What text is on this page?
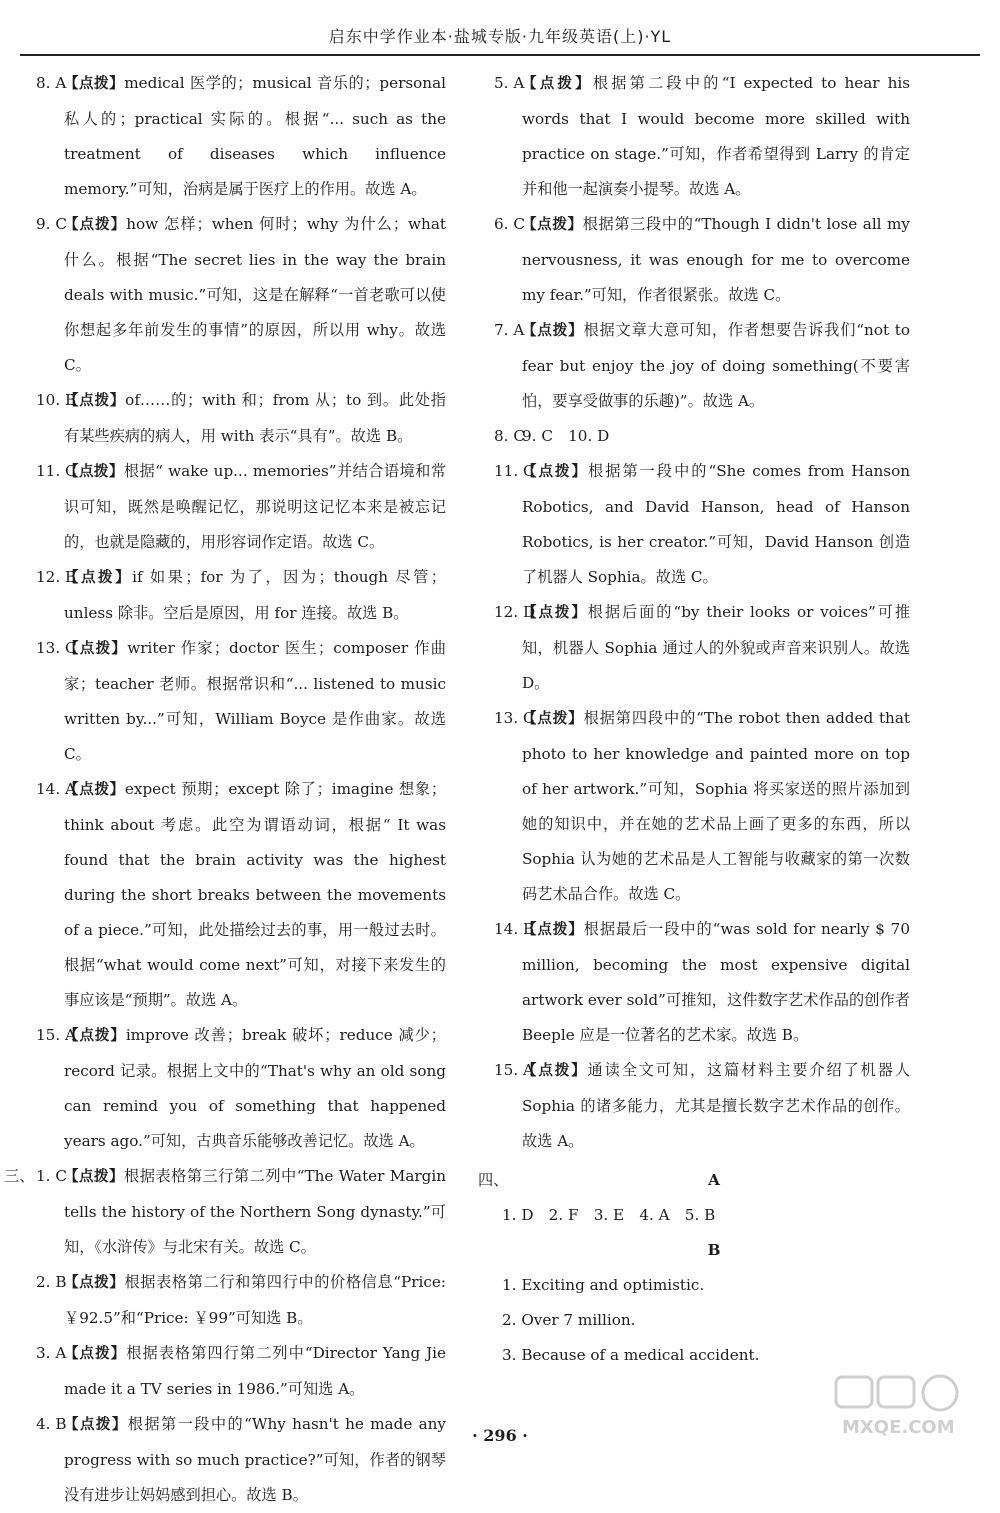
启东中学作业本·盐城专版·九年级英语(上)·YL
8. A
【点拨】medical 医学的；musical 音乐的；personal 私人的；practical 实际的。根据“... such as the treatment of diseases which influence memory.”可知，治病是属于医疗上的作用。故选 A。
9. C
【点拨】how 怎样；when 何时；why 为什么；what 什么。根据“The secret lies in the way the brain deals with music.”可知，这是在解释“一首老歌可以使你想起多年前发生的事情”的原因，所以用 why。故选 C。
10. B
【点拨】of……的；with 和；from 从；to 到。此处指有某些疾病的病人，用 with 表示“具有”。故选 B。
11. C
【点拨】根据“ wake up... memories”并结合语境和常识可知，既然是唤醒记忆，那说明这记忆本来是被忘记的，也就是隐藏的，用形容词作定语。故选 C。
12. B
【点拨】if 如果；for 为了，因为；though 尽管；unless 除非。空后是原因，用 for 连接。故选 B。
13. C
【点拨】writer 作家；doctor 医生；composer 作曲家；teacher 老师。根据常识和“... listened to music written by...”可知，William Boyce 是作曲家。故选 C。
14. A
【点拨】expect 预期；except 除了；imagine 想象；think about 考虑。此空为谓语动词，根据“ It was found that the brain activity was the highest during the short breaks between the movements of a piece.”可知，此处描绘过去的事，用一般过去时。根据“what would come next”可知，对接下来发生的事应该是“预期”。故选 A。
15. A
【点拨】improve 改善；break 破坏；reduce 减少；record 记录。根据上文中的“That's why an old song can remind you of something that happened years ago.”可知，古典音乐能够改善记忆。故选 A。
三、 1. C
【点拨】根据表格第三行第二列中“The Water Margin tells the history of the Northern Song dynasty.”可知，《水浒传》与北宋有关。故选 C。
2. B
【点拨】根据表格第二行和第四行中的价格信息“Price: ￥92.5”和“Price: ￥99”可知选 B。
3. A
【点拨】根据表格第四行第二列中“Director Yang Jie made it a TV series in 1986.”可知选 A。
4. B
【点拨】根据第一段中的“Why hasn't he made any progress with so much practice?”可知，作者的钢琴没有进步让妈妈感到担心。故选 B。
5. A
【点拨】根据第二段中的“I expected to hear his words that I would become more skilled with practice on stage.”可知，作者希望得到 Larry 的肯定并和他一起演奏小提琴。故选 A。
6. C
【点拨】根据第三段中的“Though I didn't lose all my nervousness, it was enough for me to overcome my fear.”可知，作者很紧张。故选 C。
7. A
【点拨】根据文章大意可知，作者想要告诉我们“not to fear but enjoy the joy of doing something(不要害怕，要享受做事的乐趣)”。故选 A。
8. C
9. C　10. D
11. C
【点拨】根据第一段中的“She comes from Hanson Robotics, and David Hanson, head of Hanson Robotics, is her creator.”可知，David Hanson 创造了机器人 Sophia。故选 C。
12. D
【点拨】根据后面的“by their looks or voices”可推知，机器人 Sophia 通过人的外貌或声音来识别人。故选 D。
13. C
【点拨】根据第四段中的“The robot then added that photo to her knowledge and painted more on top of her artwork.”可知，Sophia 将买家送的照片添加到她的知识中，并在她的艺术品上画了更多的东西，所以 Sophia 认为她的艺术品是人工智能与收藏家的第一次数码艺术品合作。故选 C。
14. B
【点拨】根据最后一段中的“was sold for nearly $ 70 million, becoming the most expensive digital artwork ever sold”可推知，这件数字艺术作品的创作者 Beeple 应是一位著名的艺术家。故选 B。
15. A
【点拨】通读全文可知，这篇材料主要介绍了机器人 Sophia 的诸多能力，尤其是擅长数字艺术作品的创作。故选 A。
四、	A
1. D　2. F　3. E　4. A　5. B
B
1. Exciting and optimistic.
2. Over 7 million.
3. Because of a medical accident.
· 296 ·	MXQE.COM
